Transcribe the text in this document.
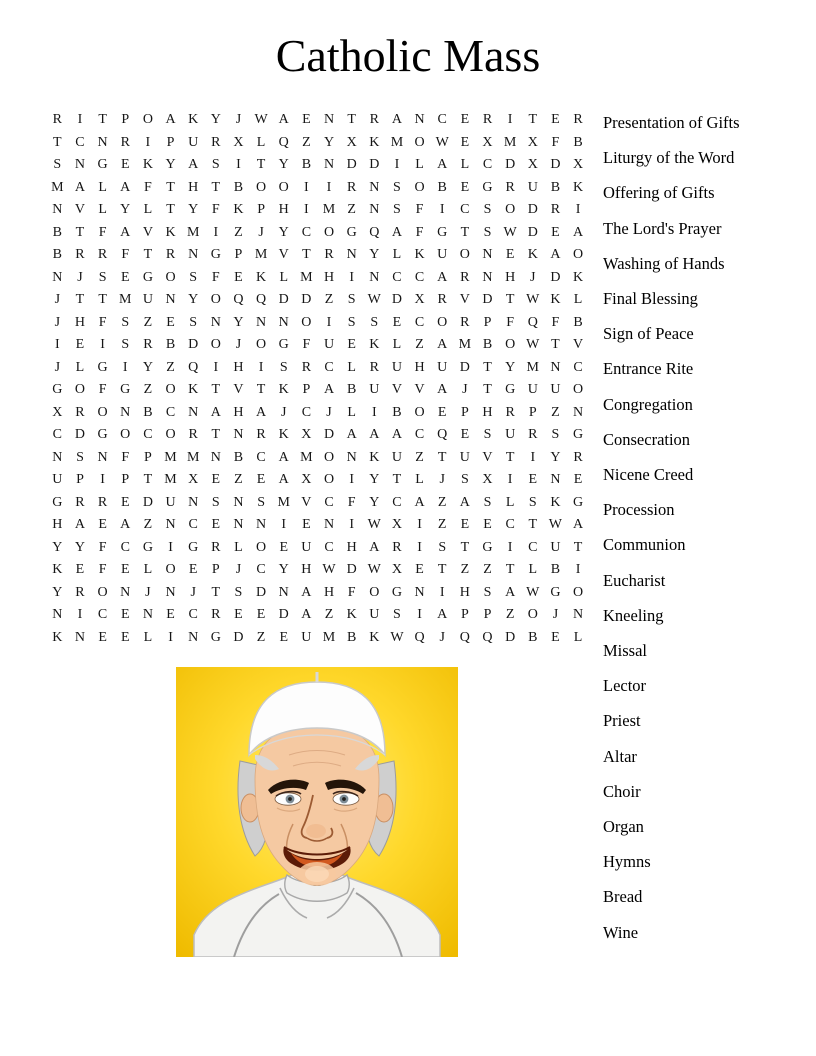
Catholic Mass
R	I	T	P O A K Y	J W A E N T R A N C E R	I	T	E R
T C N R	I	P U R X L Q Z Y X K M O W E X M X F	B
S N G E K Y A S	I	T Y B N D D	I	L A L C D X D X
M A L A F	T H T B O O	I	I	R N S O B E G R U B K
N V L Y L	T Y F K P H	I	M Z N S	F	I	C	S O D R	I
B T	F A V K M	I	Z	J	Y C O G Q A F G T	S W D E A
B R R	F	T R N G P M V T R N Y L K U O N E K A O
N	J	S	E G O S	F	E K L M H	I	N C C A R N H	J	D K
J	T	T M U N Y O Q Q D D Z	S W D X R V D T W K L
J	H F	S	Z	E	S N Y N N O	I	S	S	E C O R	P	F Q F	B
I	E	I	S	R B D O	J	O G F U E K L	Z A M B O W T V
J	L G	I	Y Z Q	I	H	I	S	R C L R U H U D T Y M N C
G O F G Z O K T V T K P A B U V V A	J	T G U U O
X R O N B C N A H A	J	C	J	L	I	B O E	P H R	P	Z N
C D G O C O R T N R K X D A A A C Q E	S U R	S G
N S N F	P M M N B C A M O N K U Z	T U V T	I	Y R
U P	I	P	T M X E	Z	E A X O	I	Y T	L	J	S X	I	E N E
G R R E D U N S N S M V C	F Y C A Z A S	L	S K G
H A E A Z N C E N N	I	E N	I W X	I	Z	E	E C T W A
Y Y F	C G	I	G R L O E U C H A R	I	S	T G	I	C U T
K E	F	E	L O E	P	J	C Y H W D W X E	T	Z	Z	T	L B	I
Y R O N	J	N	J	T	S D N A H F O G N	I	H S A W G O
N	I	C E N E C R E	E D A Z K U S	I	A P	P	Z O	J	N
K N E	E	L	I	N G D Z	E U M B K W Q	J	Q Q D B E	L
Presentation of Gifts
Liturgy of the Word
Offering of Gifts
The Lord's Prayer
Washing of Hands
Final Blessing
Sign of Peace
Entrance Rite
Congregation
Consecration
Nicene Creed
Procession
Communion
Eucharist
Kneeling
Missal
Lector
Priest
Altar
Choir
Organ
Hymns
Bread
Wine
